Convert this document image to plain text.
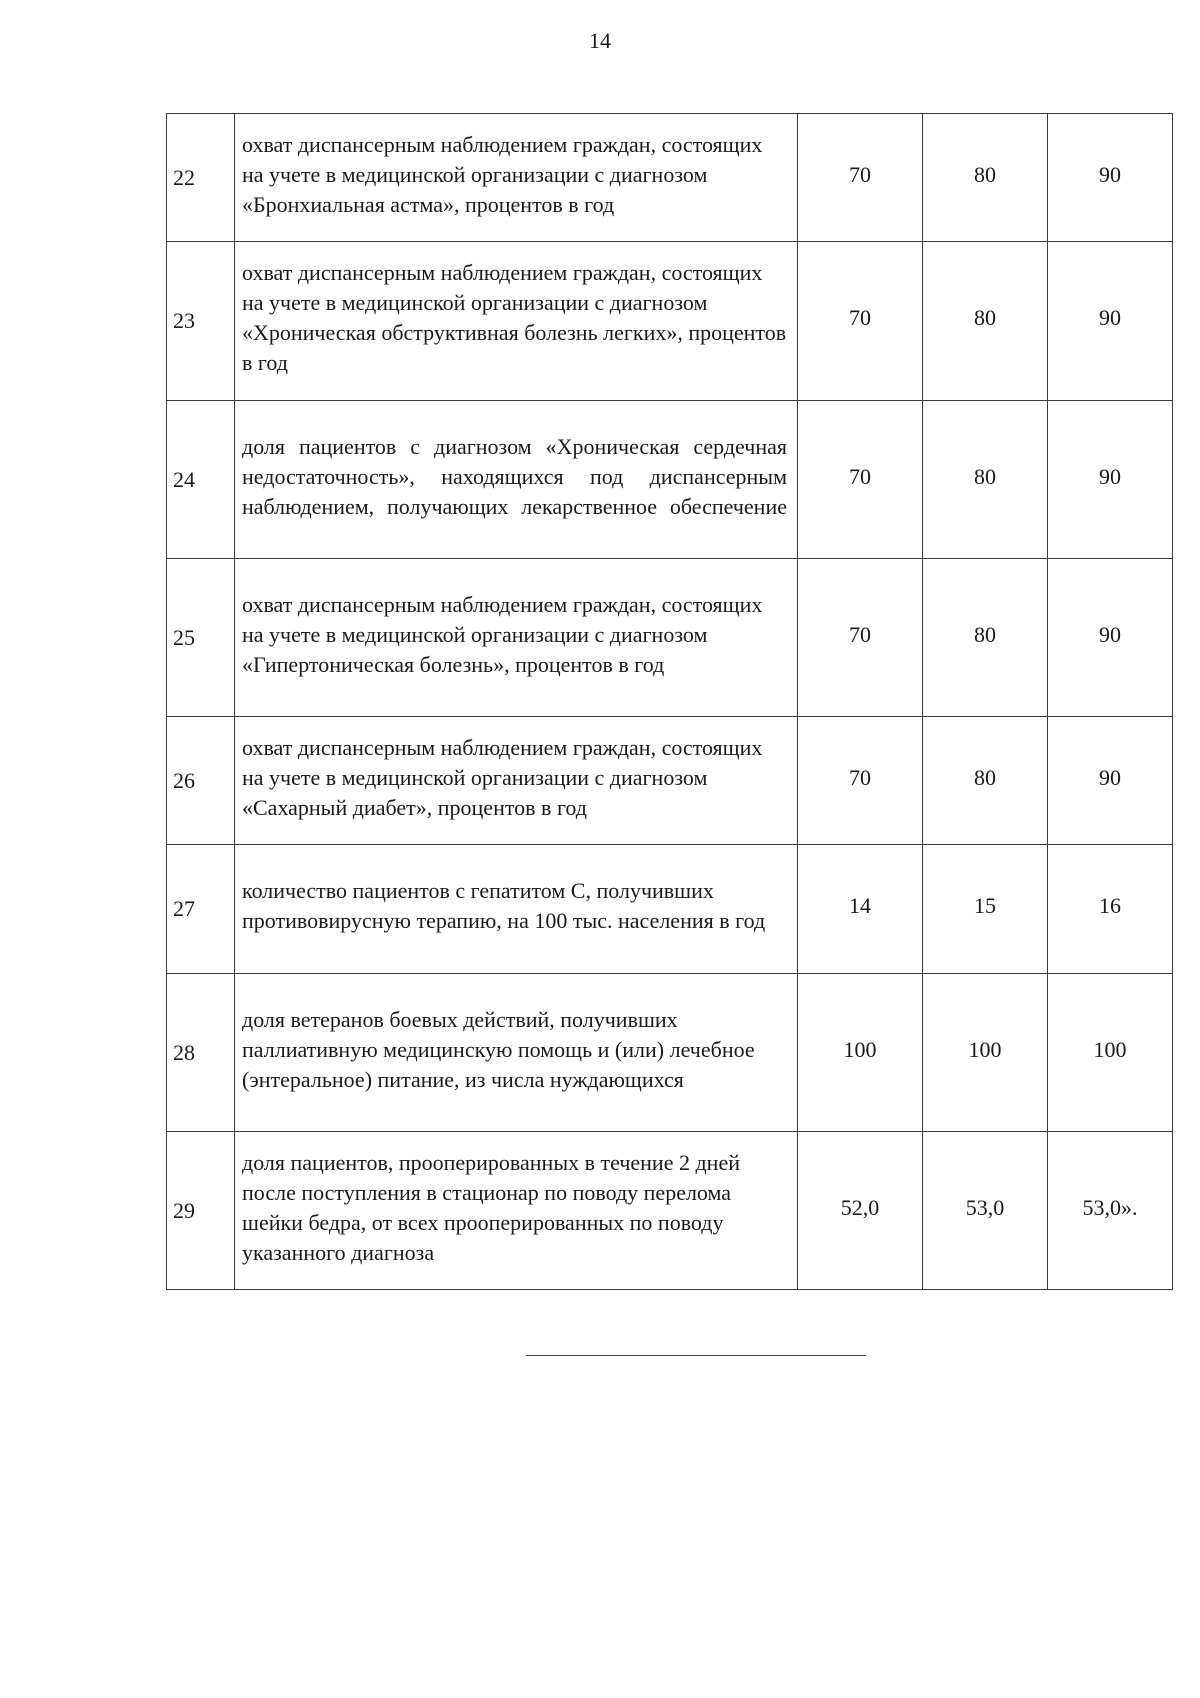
14
22	охват диспансерным наблюдением граждан, состоящих на учете в медицинской организации с диагнозом «Бронхиальная астма», процентов в год	70	80	90
23	охват диспансерным наблюдением граждан, состоящих на учете в медицинской организации с диагнозом «Хроническая обструктивная болезнь легких», процентов в год	70	80	90
24	доля пациентов с диагнозом «Хроническая сердечная недостаточность», находящихся под диспансерным наблюдением, получающих лекарственное обеспечение	70	80	90
25	охват диспансерным наблюдением граждан, состоящих на учете в медицинской организации с диагнозом «Гипертоническая болезнь», процентов в год	70	80	90
26	охват диспансерным наблюдением граждан, состоящих на учете в медицинской организации с диагнозом «Сахарный диабет», процентов в год	70	80	90
27	количество пациентов с гепатитом С, получивших противовирусную терапию, на 100 тыс. населения в год	14	15	16
28	доля ветеранов боевых действий, получивших паллиативную медицинскую помощь и (или) лечебное (энтеральное) питание, из числа нуждающихся	100	100	100
29	доля пациентов, прооперированных в течение 2 дней после поступления в стационар по поводу перелома шейки бедра, от всех прооперированных по поводу указанного диагноза	52,0	53,0	53,0».
